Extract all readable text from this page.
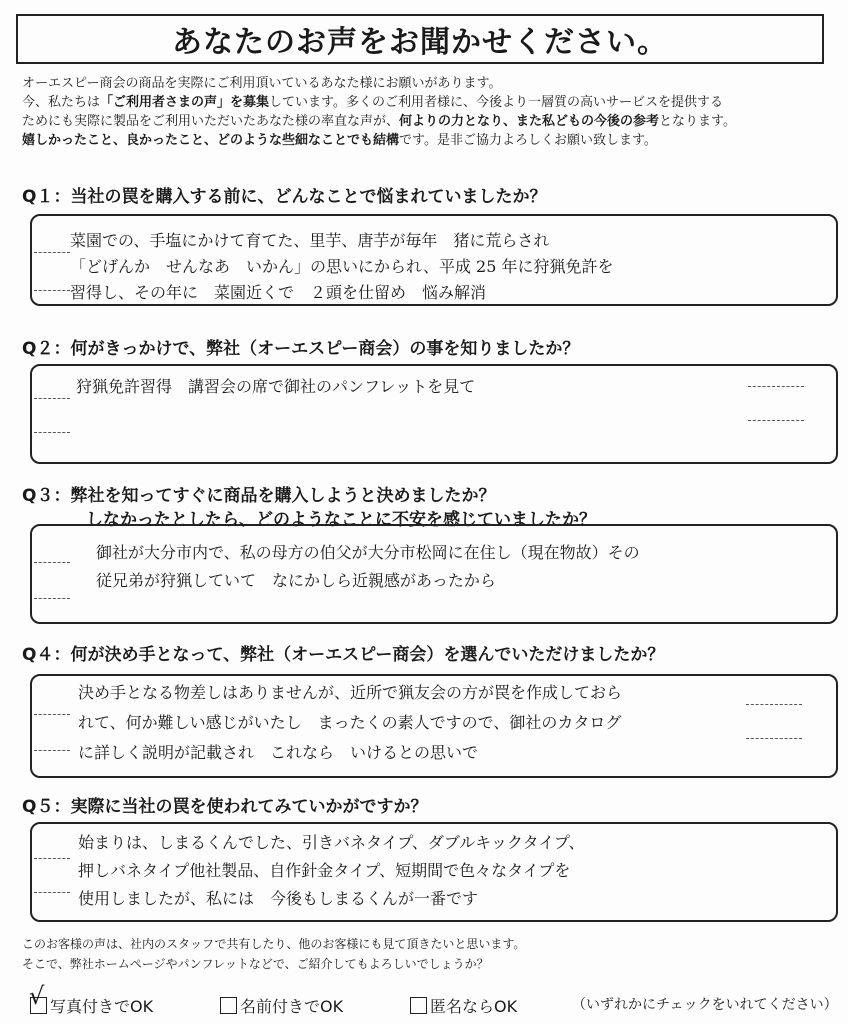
あなたのお声をお聞かせください。
オーエスピー商会の商品を実際にご利用頂いているあなた様にお願いがあります。
今、私たちは「ご利用者さまの声」を募集しています。多くのご利用者様に、今後より一層質の高いサービスを提供する
ためにも実際に製品をご利用いただいたあなた様の率直な声が、何よりの力となり、また私どもの今後の参考となります。
嬉しかったこと、良かったこと、どのような些細なことでも結構です。是非ご協力よろしくお願い致します。
Q１：当社の罠を購入する前に、どんなことで悩まれていましたか？
菜園での、手塩にかけて育てた、里芋、唐芋が毎年　猪に荒らされ
「どげんか　せんなあ　いかん」の思いにかられ、平成 25 年に狩猟免許を
習得し、その年に　菜園近くで　２頭を仕留め　悩み解消
Q２：何がきっかけで、弊社（オーエスピー商会）の事を知りましたか？
狩猟免許習得　講習会の席で御社のパンフレットを見て
Q３：弊社を知ってすぐに商品を購入しようと決めましたか？
しなかったとしたら、どのようなことに不安を感じていましたか？
御社が大分市内で、私の母方の伯父が大分市松岡に在住し（現在物故）その
従兄弟が狩猟していて　なにかしら近親感があったから
Q４：何が決め手となって、弊社（オーエスピー商会）を選んでいただけましたか？
決め手となる物差しはありませんが、近所で猟友会の方が罠を作成しておら
れて、何か難しい感じがいたし　まったくの素人ですので、御社のカタログ
に詳しく説明が記載され　これなら　いけるとの思いで
Q５：実際に当社の罠を使われてみていかがですか？
始まりは、しまるくんでした、引きバネタイプ、ダブルキックタイプ、
押しバネタイプ他社製品、自作針金タイプ、短期間で色々なタイプを
使用しましたが、私には　今後もしまるくんが一番です
このお客様の声は、社内のスタッフで共有したり、他のお客様にも見て頂きたいと思います。
そこで、弊社ホームページやパンフレットなどで、ご紹介してもよろしいでしょうか？
√ 写真付きでOK	名前付きでOK	匿名ならOK	（いずれかにチェックをいれてください）
